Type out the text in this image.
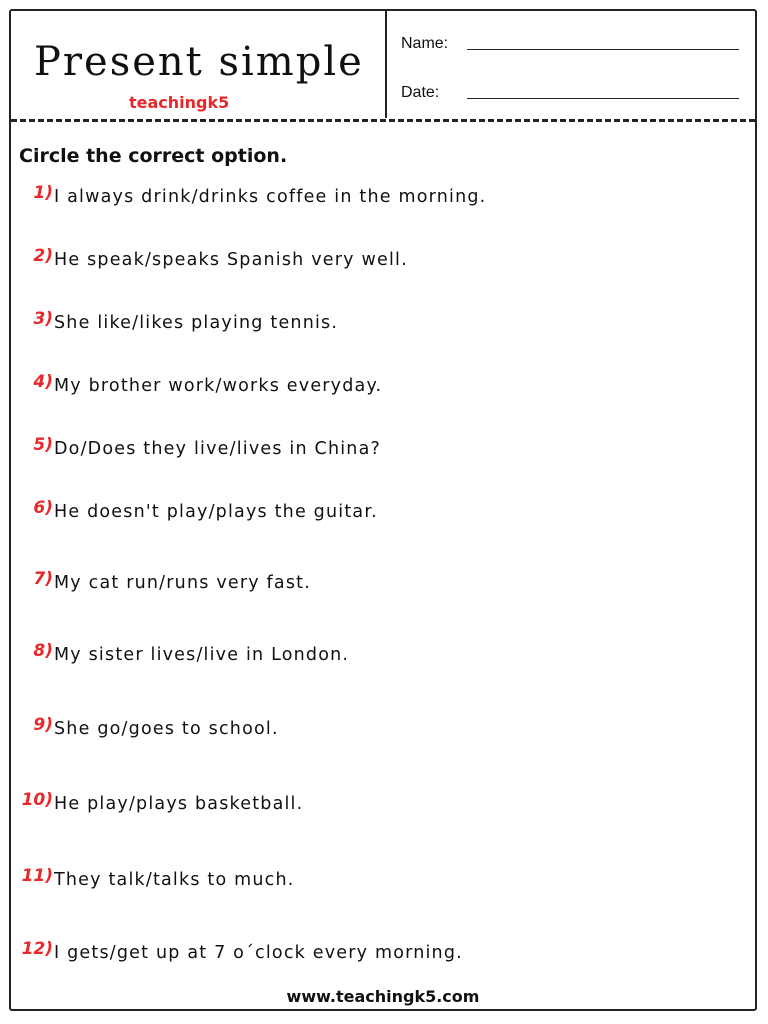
Present simple
teachingk5
Name:
Date:
Circle the correct option.
1) I always drink/drinks coffee in the morning.
2) He speak/speaks Spanish very well.
3) She like/likes playing tennis.
4) My brother work/works everyday.
5) Do/Does they live/lives in China?
6) He doesn't play/plays the guitar.
7) My cat run/runs very fast.
8) My sister lives/live in London.
9) She go/goes to school.
10) He play/plays basketball.
11) They talk/talks to much.
12) I gets/get up at 7 o´clock every morning.
www.teachingk5.com
